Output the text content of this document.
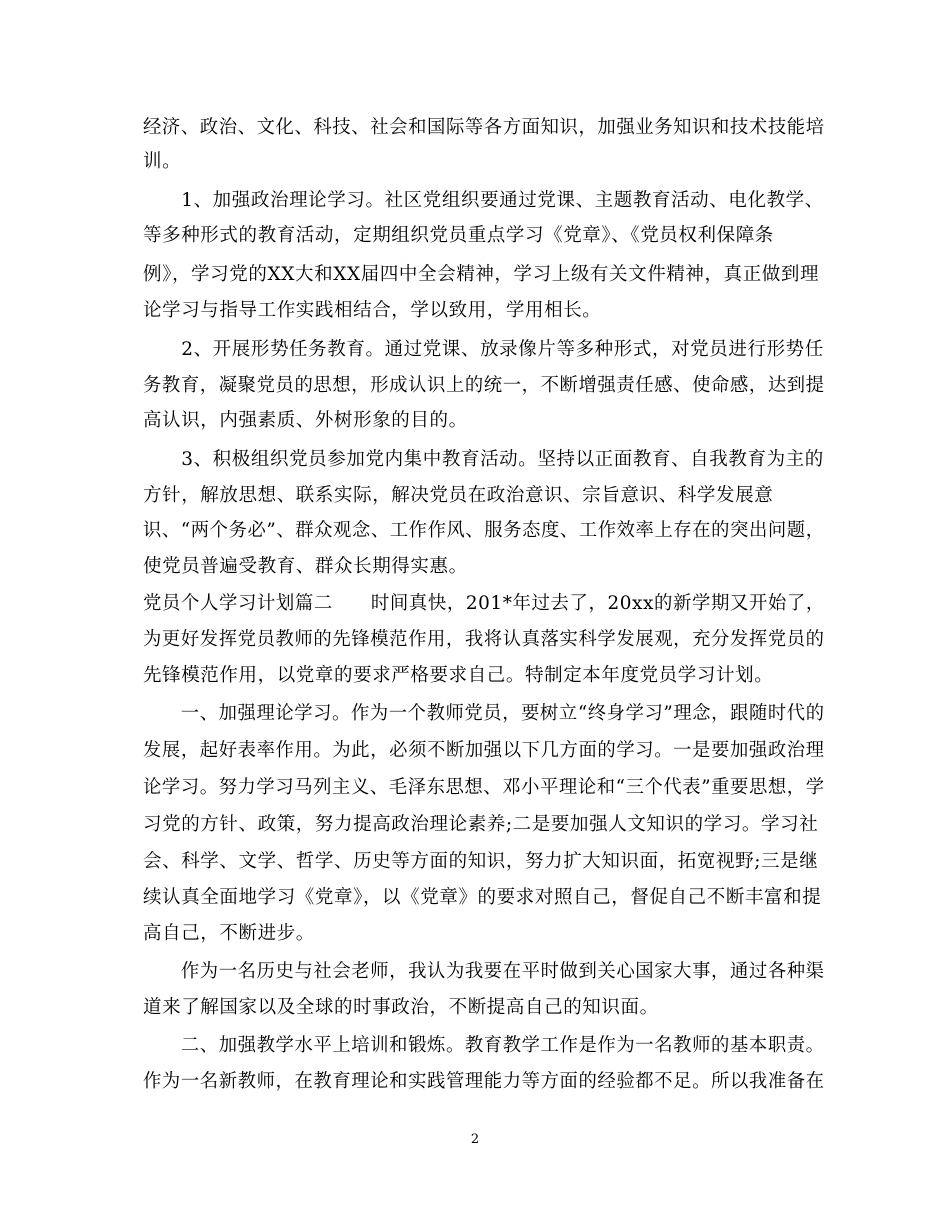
经济、政治、文化、科技、社会和国际等各方面知识，加强业务知识和技术技能培
训。
　　1、加强政治理论学习。社区党组织要通过党课、主题教育活动、电化教学、
等多种形式的教育活动，定期组织党员重点学习《党章》、《党员权利保障条
例》，学习党的XX大和XX届四中全会精神，学习上级有关文件精神，真正做到理
论学习与指导工作实践相结合，学以致用，学用相长。
　　2、开展形势任务教育。通过党课、放录像片等多种形式，对党员进行形势任
务教育，凝聚党员的思想，形成认识上的统一，不断增强责任感、使命感，达到提
高认识，内强素质、外树形象的目的。
　　3、积极组织党员参加党内集中教育活动。坚持以正面教育、自我教育为主的
方针，解放思想、联系实际，解决党员在政治意识、宗旨意识、科学发展意
识、“两个务必”、群众观念、工作作风、服务态度、工作效率上存在的突出问题，
使党员普遍受教育、群众长期得实惠。
党员个人学习计划篇二　　时间真快，201*年过去了，20xx的新学期又开始了，
为更好发挥党员教师的先锋模范作用，我将认真落实科学发展观，充分发挥党员的
先锋模范作用，以党章的要求严格要求自己。特制定本年度党员学习计划。
　　一、加强理论学习。作为一个教师党员，要树立“终身学习”理念，跟随时代的
发展，起好表率作用。为此，必须不断加强以下几方面的学习。一是要加强政治理
论学习。努力学习马列主义、毛泽东思想、邓小平理论和“三个代表”重要思想，学
习党的方针、政策，努力提高政治理论素养;二是要加强人文知识的学习。学习社
会、科学、文学、哲学、历史等方面的知识，努力扩大知识面，拓宽视野;三是继
续认真全面地学习《党章》，以《党章》的要求对照自己，督促自己不断丰富和提
高自己，不断进步。
　　作为一名历史与社会老师，我认为我要在平时做到关心国家大事，通过各种渠
道来了解国家以及全球的时事政治，不断提高自己的知识面。
　　二、加强教学水平上培训和锻炼。教育教学工作是作为一名教师的基本职责。
作为一名新教师，在教育理论和实践管理能力等方面的经验都不足。所以我准备在
2
